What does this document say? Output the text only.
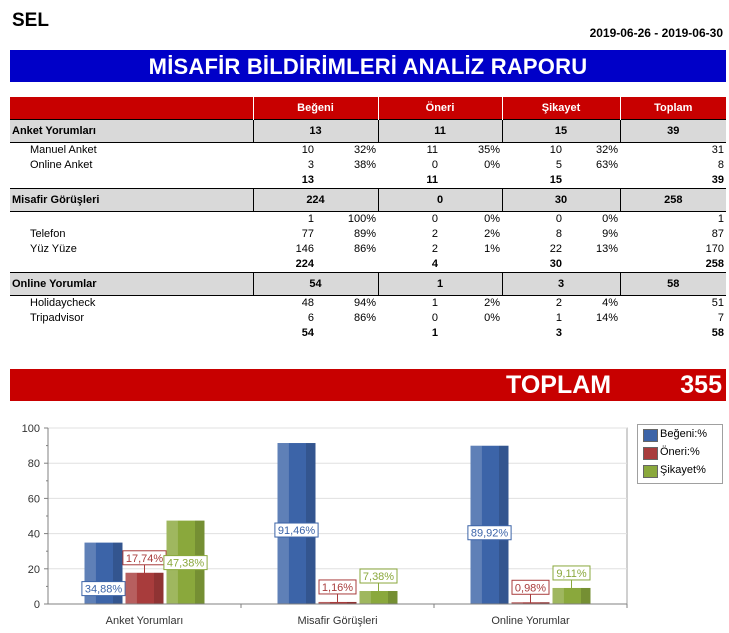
SEL
2019-06-26 - 2019-06-30
MİSAFİR BİLDİRİMLERİ ANALİZ RAPORU
	Beğeni		Öneri		Şikayet		Toplam
Anket Yorumları	13		11		15		39
Manuel Anket	10	32%	11	35%	10	32%	31
Online Anket	3	38%	0	0%	5	63%	8
	13		11		15		39
Misafir Görüşleri	224		0		30		258
	1	100%	0	0%	0	0%	1
Telefon	77	89%	2	2%	8	9%	87
Yüz Yüze	146	86%	2	1%	22	13%	170
	224		4		30		258
Online Yorumlar	54		1		3		58
Holidaycheck	48	94%	1	2%	2	4%	51
Tripadvisor	6	86%	0	0%	1	14%	7
	54		1		3		58
TOPLAM	355
0
20
40
60
80
100
Anket Yorumları
34,88%
17,74% 47,38%
Misafir Görüşleri
91,46%
1,16%
7,38%
Online Yorumlar
89,92%
0,98%
9,11%
Beğeni:%
Öneri:%
Şikayet%
